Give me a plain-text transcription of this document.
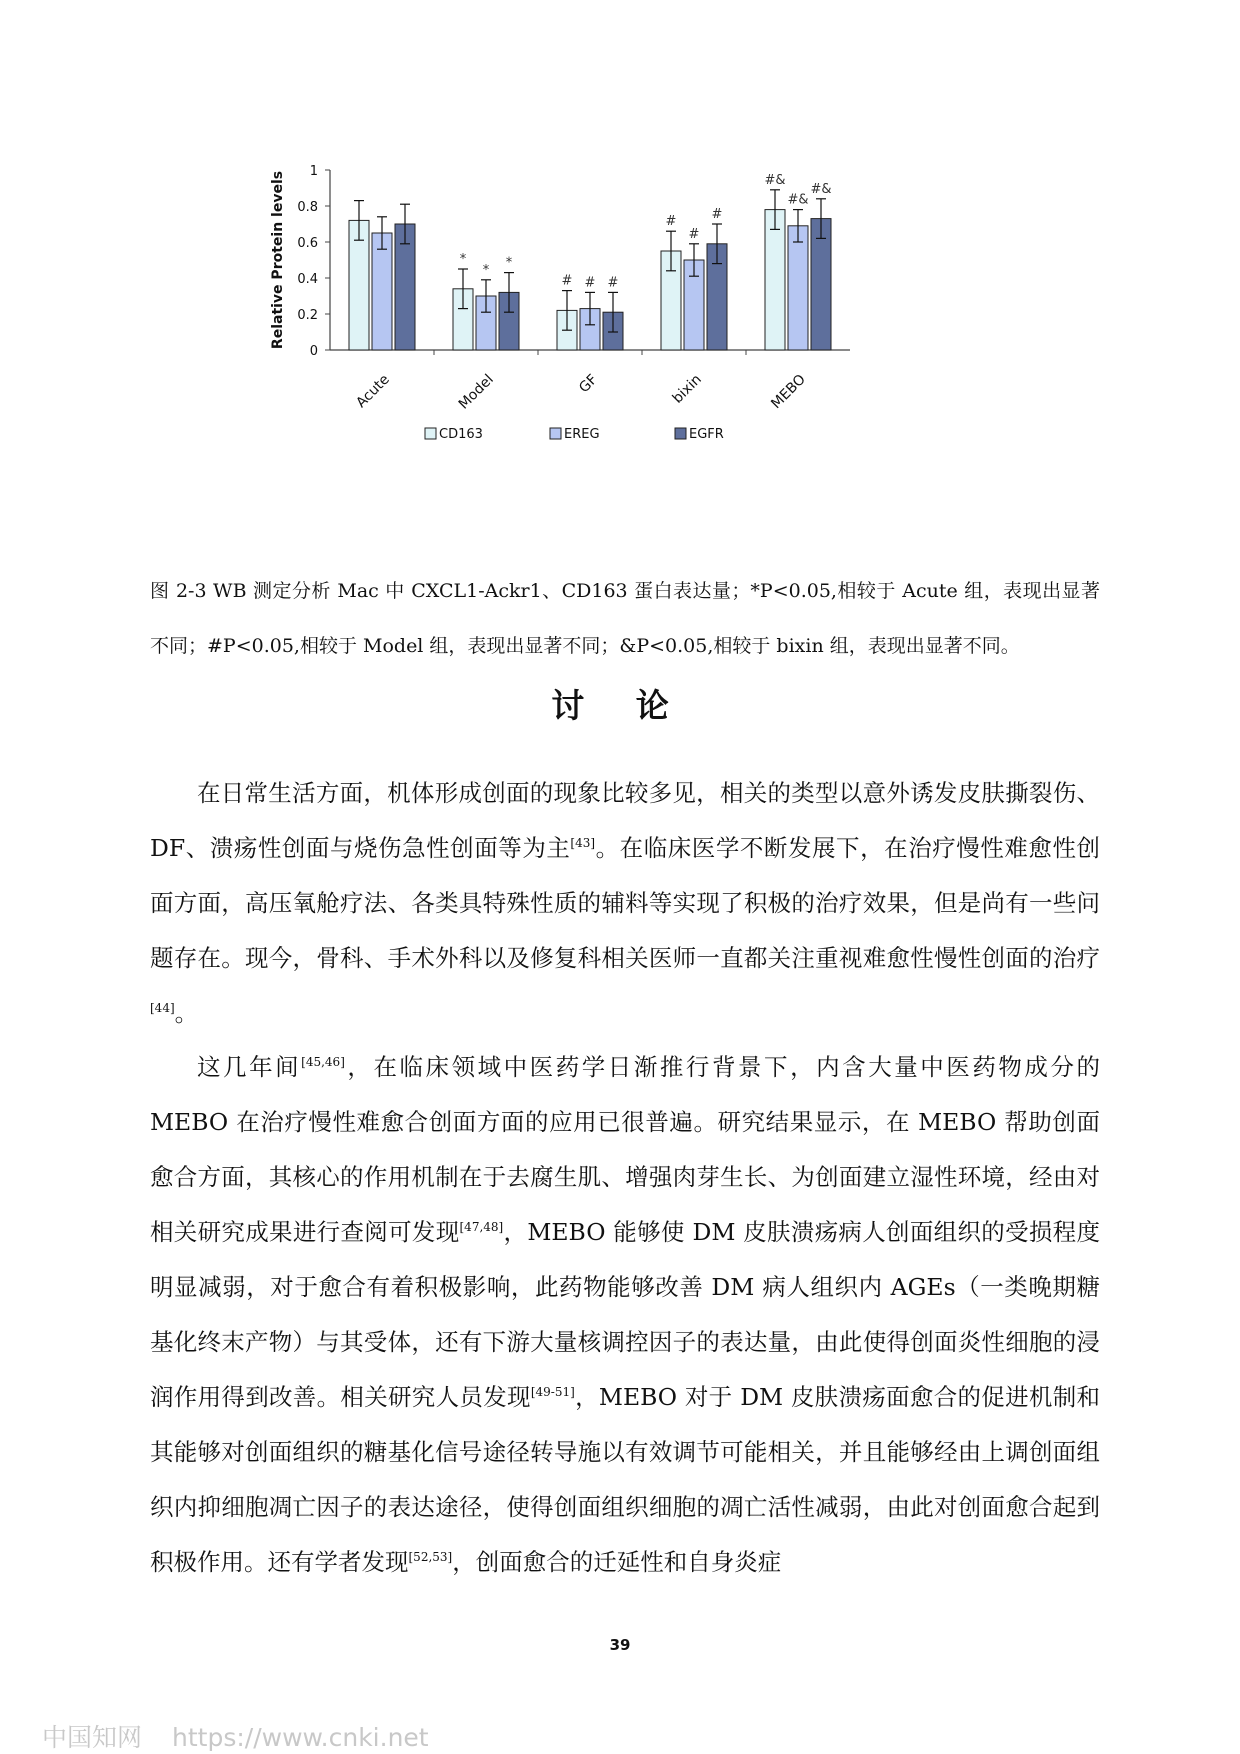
Relative Protein levels
0
0.2
0.4
0.6
0.8
1
Acute
*
* *
Model
# # #
GF
#
#
#
bixin
#&
#&
#&
MEBO
CD163	EREG	EGFR

图 2-3 WB 测定分析 Mac 中 CXCL1-Ackr1、CD163 蛋白表达量；*P<0.05,相较于 Acute 组，表现出显著不同；#P<0.05,相较于 Model 组，表现出显著不同；&P<0.05,相较于 bixin 组，表现出显著不同。

讨 论

在日常生活方面，机体形成创面的现象比较多见，相关的类型以意外诱发皮肤撕裂伤、DF、溃疡性创面与烧伤急性创面等为主[43]。在临床医学不断发展下，在治疗慢性难愈性创面方面，高压氧舱疗法、各类具特殊性质的辅料等实现了积极的治疗效果，但是尚有一些问题存在。现今，骨科、手术外科以及修复科相关医师一直都关注重视难愈性慢性创面的治疗[44]。

这几年间[45,46]，在临床领域中医药学日渐推行背景下，内含大量中医药物成分的 MEBO 在治疗慢性难愈合创面方面的应用已很普遍。研究结果显示，在 MEBO 帮助创面愈合方面，其核心的作用机制在于去腐生肌、增强肉芽生长、为创面建立湿性环境，经由对相关研究成果进行查阅可发现[47,48]，MEBO 能够使 DM 皮肤溃疡病人创面组织的受损程度明显减弱，对于愈合有着积极影响，此药物能够改善 DM 病人组织内 AGEs（一类晚期糖基化终末产物）与其受体，还有下游大量核调控因子的表达量，由此使得创面炎性细胞的浸润作用得到改善。相关研究人员发现[49-51]，MEBO 对于 DM 皮肤溃疡面愈合的促进机制和其能够对创面组织的糖基化信号途径转导施以有效调节可能相关，并且能够经由上调创面组织内抑细胞凋亡因子的表达途径，使得创面组织细胞的凋亡活性减弱，由此对创面愈合起到积极作用。还有学者发现[52,53]，创面愈合的迁延性和自身炎症

39
中国知网 https://www.cnki.net
